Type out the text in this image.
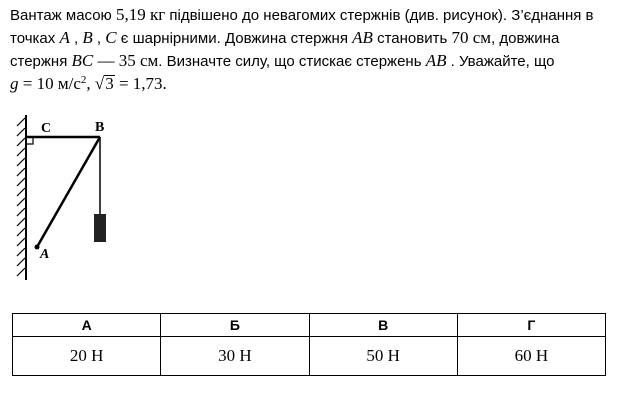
Вантаж масою 5,19 кг підвішено до невагомих стержнів (див. рисунок). З’єднання в

точках A , B , C є шарнірними. Довжина стержня AB становить 70 см, довжина

стержня BC — 35 см. Визначте силу, що стискає стержень AB . Уважайте, що

g = 10 $м/с^2$, √3 = 1,73.

C	B
A
А	Б	В	Г
20 Н	30 Н	50 Н	60 Н
